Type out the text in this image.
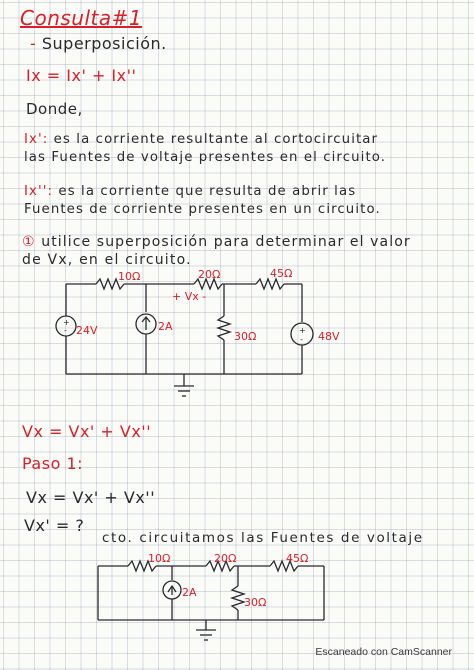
Consulta#1
- Superposición.
Ix = Ix' + Ix''
Donde,
Ix': es la corriente resultante al cortocircuitar
las Fuentes de voltaje presentes en el circuito.
Ix'': es la corriente que resulta de abrir las
Fuentes de corriente presentes en un circuito.
① utilice superposición para determinar el valor
de Vx, en el circuito.
+
-	+
-
10Ω	20Ω
+ Vx -
45Ω
30Ω
24V	2A
48V
Vx = Vx' + Vx''
Paso 1:
Vx = Vx' + Vx''
Vx' = ?
cto. circuitamos las Fuentes de voltaje
10Ω	20Ω	45Ω
30Ω
2A
Escaneado con CamScanner
